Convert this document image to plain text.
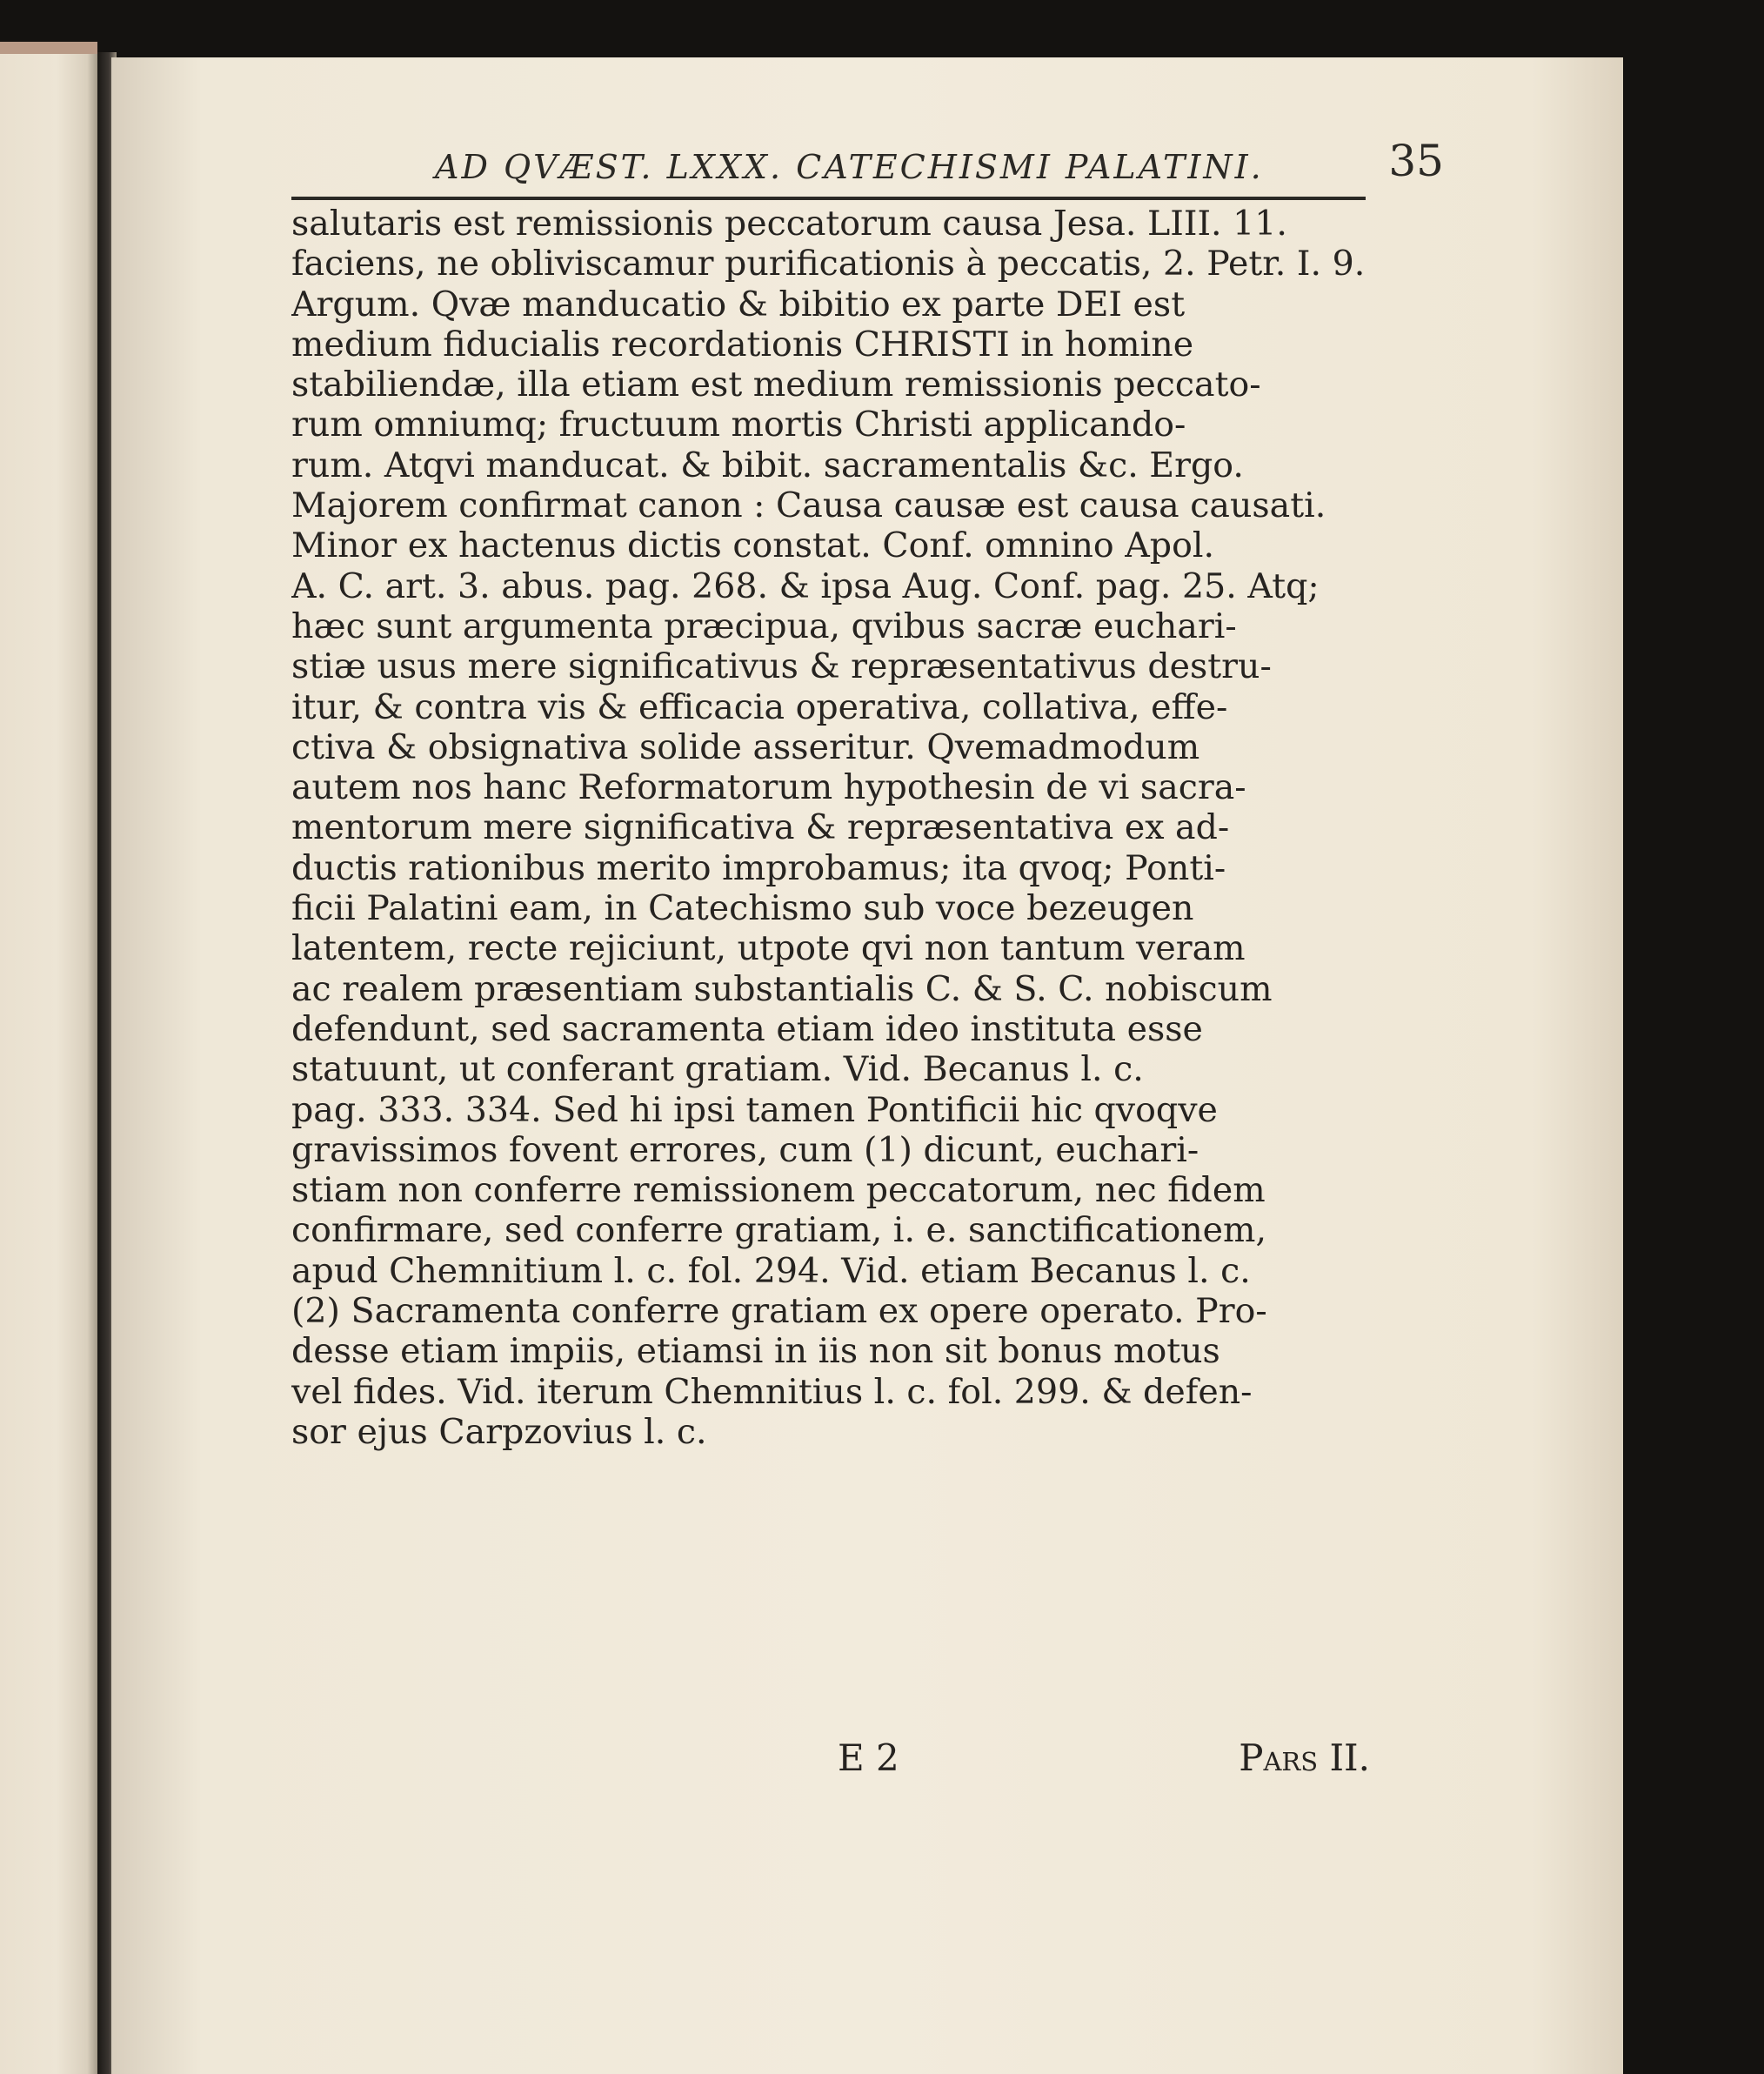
AD QVÆST. LXXX. CATECHISMI PALATINI.	35
salutaris est remissionis peccatorum causa Jesa. LIII. 11.
faciens, ne obliviscamur purificationis à peccatis, 2. Petr. I. 9.
Argum. Qvæ manducatio & bibitio ex parte DEI est
medium fiducialis recordationis CHRISTI in homine
stabiliendæ, illa etiam est medium remissionis peccato-
rum omniumq; fructuum mortis Christi applicando-
rum. Atqvi manducat. & bibit. sacramentalis &c. Ergo.
Majorem confirmat canon : Causa causæ est causa causati.
Minor ex hactenus dictis constat. Conf. omnino Apol.
A. C. art. 3. abus. pag. 268. & ipsa Aug. Conf. pag. 25. Atq;
hæc sunt argumenta præcipua, qvibus sacræ euchari-
stiæ usus mere significativus & repræsentativus destru-
itur, & contra vis & efficacia operativa, collativa, effe-
ctiva & obsignativa solide asseritur. Qvemadmodum
autem nos hanc Reformatorum hypothesin de vi sacra-
mentorum mere significativa & repræsentativa ex ad-
ductis rationibus merito improbamus; ita qvoq; Ponti-
ficii Palatini eam, in Catechismo sub voce bezeugen
latentem, recte rejiciunt, utpote qvi non tantum veram
ac realem præsentiam substantialis C. & S. C. nobiscum
defendunt, sed sacramenta etiam ideo instituta esse
statuunt, ut conferant gratiam. Vid. Becanus l. c.
pag. 333. 334. Sed hi ipsi tamen Pontificii hic qvoqve
gravissimos fovent errores, cum (1) dicunt, euchari-
stiam non conferre remissionem peccatorum, nec fidem
confirmare, sed conferre gratiam, i. e. sanctificationem,
apud Chemnitium l. c. fol. 294. Vid. etiam Becanus l. c.
(2) Sacramenta conferre gratiam ex opere operato. Pro-
desse etiam impiis, etiamsi in iis non sit bonus motus
vel fides. Vid. iterum Chemnitius l. c. fol. 299. & defen-
sor ejus Carpzovius l. c.
E 2	Pars II.
